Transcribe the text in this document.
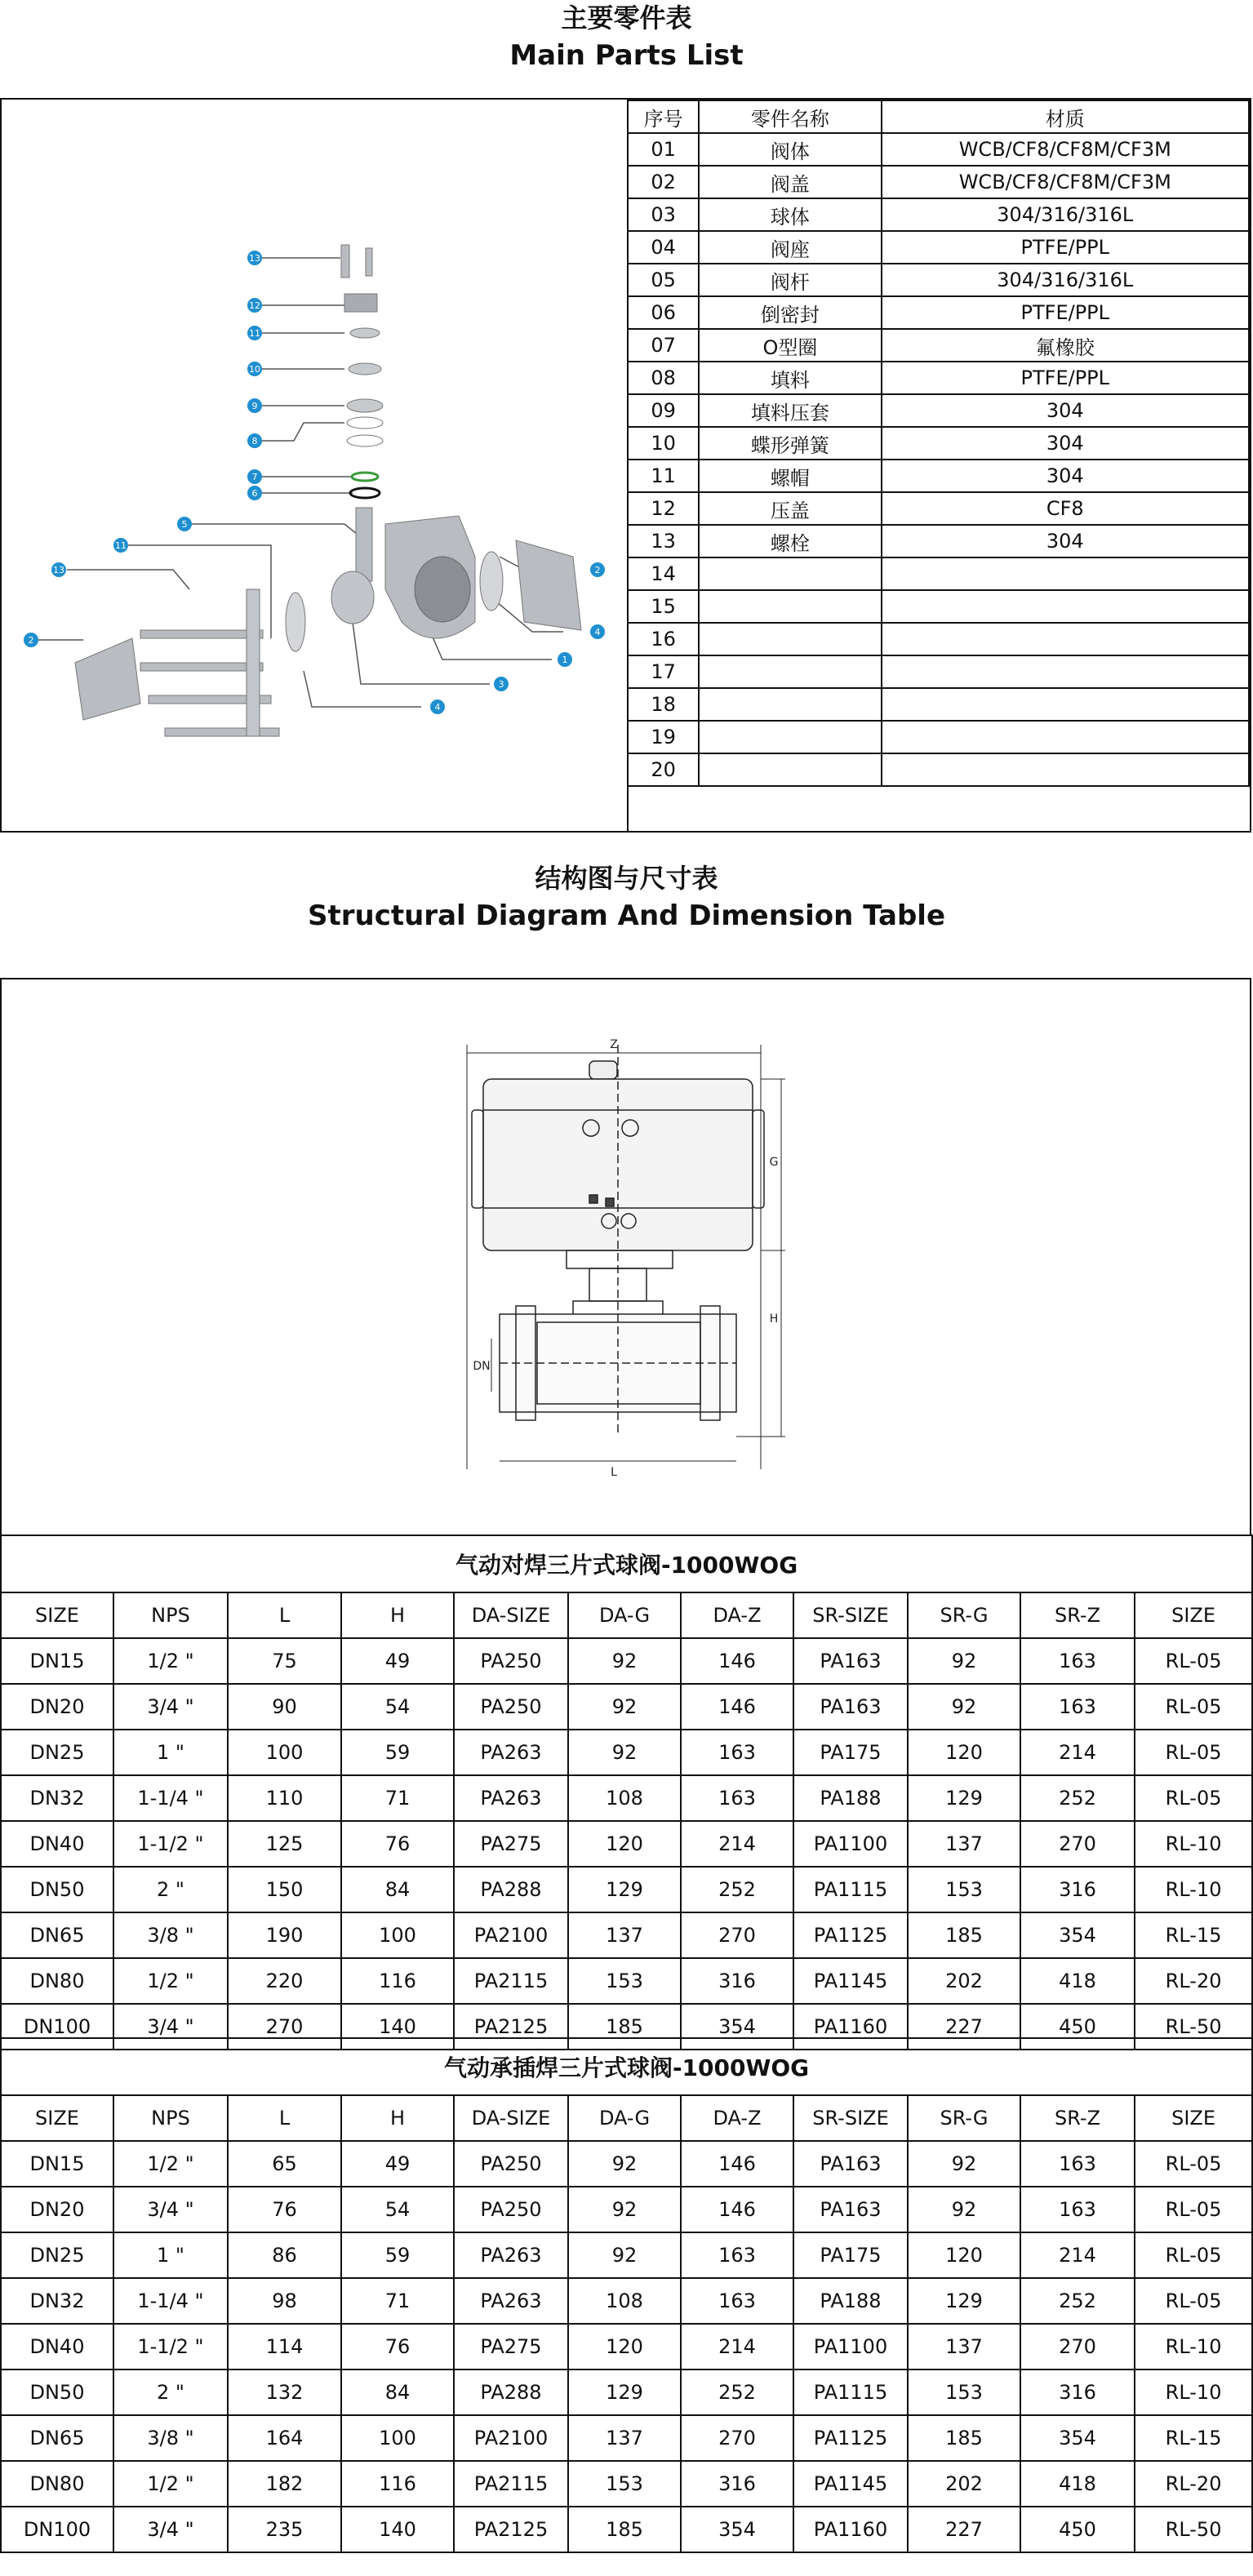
主要零件表
Main Parts List
13
12
11
10
9
8
7
6
5
11
13
2
2
4
1
3
4
序号	零件名称	材质
01	阀体	WCB/CF8/CF8M/CF3M
02	阀盖	WCB/CF8/CF8M/CF3M
03	球体	304/316/316L
04	阀座	PTFE/PPL
05	阀杆	304/316/316L
06	倒密封	PTFE/PPL
07	O型圈	氟橡胶
08	填料	PTFE/PPL
09	填料压套	304
10	蝶形弹簧	304
11	螺帽	304
12	压盖	CF8
13	螺栓	304
14		
15		
16		
17		
18		
19		
20		
结构图与尺寸表
Structural Diagram And Dimension Table
Z
G
H
DN
L
气动对焊三片式球阀-1000WOG										
SIZE	NPS	L	H	DA-SIZE	DA-G	DA-Z	SR-SIZE	SR-G	SR-Z	SIZE
DN15	1/2 "	75	49	PA250	92	146	PA163	92	163	RL-05
DN20	3/4 "	90	54	PA250	92	146	PA163	92	163	RL-05
DN25	1 "	100	59	PA263	92	163	PA175	120	214	RL-05
DN32	1-1/4 "	110	71	PA263	108	163	PA188	129	252	RL-05
DN40	1-1/2 "	125	76	PA275	120	214	PA1100	137	270	RL-10
DN50	2 "	150	84	PA288	129	252	PA1115	153	316	RL-10
DN65	3/8 "	190	100	PA2100	137	270	PA1125	185	354	RL-15
DN80	1/2 "	220	116	PA2115	153	316	PA1145	202	418	RL-20
DN100	3/4 "	270	140	PA2125	185	354	PA1160	227	450	RL-50
气动承插焊三片式球阀-1000WOG										
SIZE	NPS	L	H	DA-SIZE	DA-G	DA-Z	SR-SIZE	SR-G	SR-Z	SIZE
DN15	1/2 "	65	49	PA250	92	146	PA163	92	163	RL-05
DN20	3/4 "	76	54	PA250	92	146	PA163	92	163	RL-05
DN25	1 "	86	59	PA263	92	163	PA175	120	214	RL-05
DN32	1-1/4 "	98	71	PA263	108	163	PA188	129	252	RL-05
DN40	1-1/2 "	114	76	PA275	120	214	PA1100	137	270	RL-10
DN50	2 "	132	84	PA288	129	252	PA1115	153	316	RL-10
DN65	3/8 "	164	100	PA2100	137	270	PA1125	185	354	RL-15
DN80	1/2 "	182	116	PA2115	153	316	PA1145	202	418	RL-20
DN100	3/4 "	235	140	PA2125	185	354	PA1160	227	450	RL-50
